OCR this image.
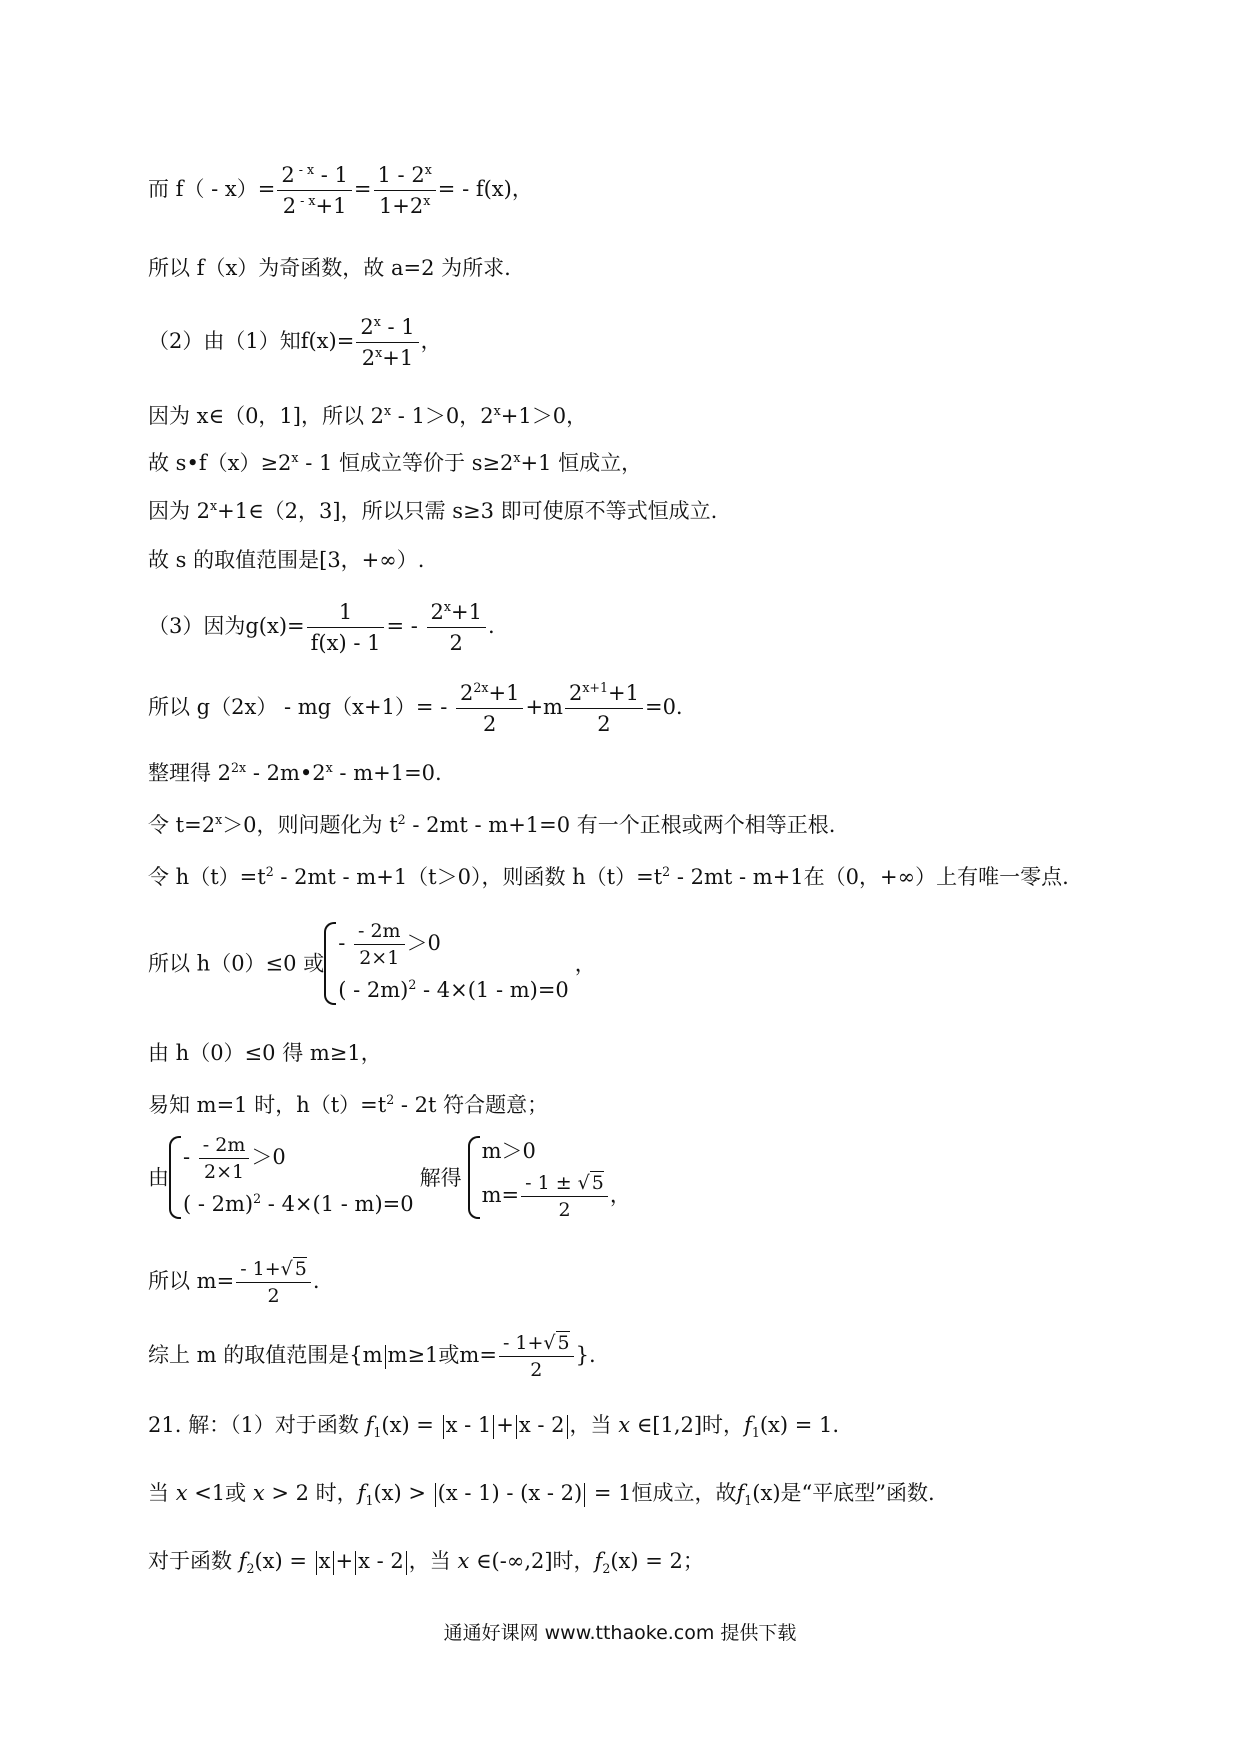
而 $f( - x)= \frac{2 ^{- x} - 1}{2 ^{- x}+1} = \frac{1 - 2^x}{1+2^x}$ = - f(x)，
所以 f（x）为奇函数，故 a=2 为所求.
（2）由（1）知$f(x)= \frac{2^x - 1}{2^x+1}$ ，
因为 x∈（0，1]，所以 2$^x$ - 1＞0，$2^x+1>0$，
故 $s•f(x)\ge 2^x - 1$ 恒成立等价于 $s\ge 2^x+1$ 恒成立，
因为 $2^x+1\in(2$，3]，所以只需 s≥3 即可使原不等式恒成立.
故 s 的取值范围是[3，+∞）.
（3）因为$g(x)= \frac{1}{f(x) - 1}$ = - $\frac{2^x+1}{2}$ .
所以 $g(2x) - mg(x+1)= - \frac{2^{2x}+1}{2} +m \frac{2^{x+1}+1}{2} =0$.
整理得 $2^{2x}$ - 2m•2$^x$ - m+1=0.
令 $t=2^x>0$，则问题化为 $t^2 - 2mt - m+1=0$ 有一个正根或两个相等正根.
令 $h(t)=t^2 - 2mt - m+1(t>0)$，则函数 $h(t)=t^2 - 2mt - m+1$在（0，+∞）上有唯一零点.
所以 h（0）≤0 或
- $\frac{- 2m}{2\times 1} >0$
( - 2m)$^2$ - 4×(1 - m)=0
，
由 h（0）≤0 得 m≥1，
易知 m=1 时，$h(t)=t^2 - 2t$ 符合题意；
由
- $\frac{- 2m}{2\times 1} >0$
( - 2m)$^2$ - 4×(1 - m)=0
解得
m＞0
$m= \frac{- 1 \pm √ 5}{2}$ ，
所以 $m= \frac{- 1+√ 5}{2}$ .
综上 m 的取值范围是{m m≥1或$m= \frac{- 1+√ 5}{2}$ }.
21. 解：（1）对于函数 $f_1(x) = x - 1 + x - 2$ ，当 x ∈[1,2]时，$f_1(x) = 1$.
当 x <1或 x > 2 时，$f_1(x) > (x - 1) - (x - 2) = 1$恒成立，故$f_1(x)$是“平底型”函数.
对于函数 $f_2(x) = x + x - 2$ ，当 x ∈(-∞,2]时，$f_2(x) = 2$；
通通好课网 www.tthaoke.com 提供下载
